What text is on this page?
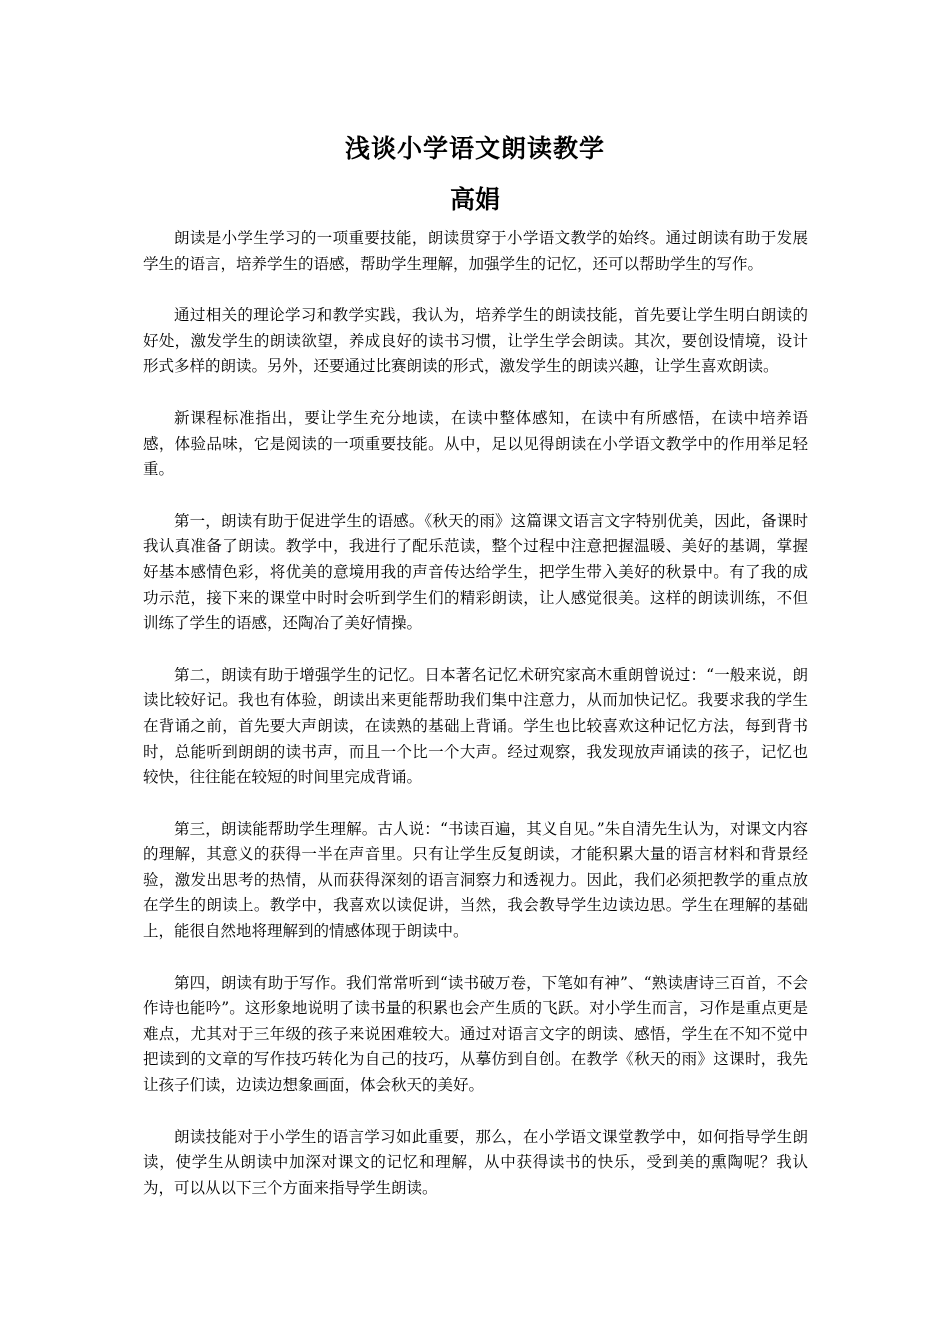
浅谈小学语文朗读教学
高娟

朗读是小学生学习的一项重要技能，朗读贯穿于小学语文教学的始终。通过朗读有助于发展学生的语言，培养学生的语感，帮助学生理解，加强学生的记忆，还可以帮助学生的写作。

通过相关的理论学习和教学实践，我认为，培养学生的朗读技能，首先要让学生明白朗读的好处，激发学生的朗读欲望，养成良好的读书习惯，让学生学会朗读。其次，要创设情境，设计形式多样的朗读。另外，还要通过比赛朗读的形式，激发学生的朗读兴趣，让学生喜欢朗读。

新课程标准指出，要让学生充分地读，在读中整体感知，在读中有所感悟，在读中培养语感，体验品味，它是阅读的一项重要技能。从中，足以见得朗读在小学语文教学中的作用举足轻重。

第一，朗读有助于促进学生的语感。《秋天的雨》这篇课文语言文字特别优美，因此，备课时我认真准备了朗读。教学中，我进行了配乐范读，整个过程中注意把握温暖、美好的基调，掌握好基本感情色彩，将优美的意境用我的声音传达给学生，把学生带入美好的秋景中。有了我的成功示范，接下来的课堂中时时会听到学生们的精彩朗读，让人感觉很美。这样的朗读训练，不但训练了学生的语感，还陶冶了美好情操。

第二，朗读有助于增强学生的记忆。日本著名记忆术研究家高木重朗曾说过：“一般来说，朗读比较好记。我也有体验，朗读出来更能帮助我们集中注意力，从而加快记忆。我要求我的学生在背诵之前，首先要大声朗读，在读熟的基础上背诵。学生也比较喜欢这种记忆方法，每到背书时，总能听到朗朗的读书声，而且一个比一个大声。经过观察，我发现放声诵读的孩子，记忆也较快，往往能在较短的时间里完成背诵。

第三，朗读能帮助学生理解。古人说：“书读百遍，其义自见。”朱自清先生认为，对课文内容的理解，其意义的获得一半在声音里。只有让学生反复朗读，才能积累大量的语言材料和背景经验，激发出思考的热情，从而获得深刻的语言洞察力和透视力。因此，我们必须把教学的重点放在学生的朗读上。教学中，我喜欢以读促讲，当然，我会教导学生边读边思。学生在理解的基础上，能很自然地将理解到的情感体现于朗读中。

第四，朗读有助于写作。我们常常听到“读书破万卷，下笔如有神”、“熟读唐诗三百首，不会作诗也能吟”。这形象地说明了读书量的积累也会产生质的飞跃。对小学生而言，习作是重点更是难点，尤其对于三年级的孩子来说困难较大。通过对语言文字的朗读、感悟，学生在不知不觉中把读到的文章的写作技巧转化为自己的技巧，从摹仿到自创。在教学《秋天的雨》这课时，我先让孩子们读，边读边想象画面，体会秋天的美好。

朗读技能对于小学生的语言学习如此重要，那么，在小学语文课堂教学中，如何指导学生朗读，使学生从朗读中加深对课文的记忆和理解，从中获得读书的快乐，受到美的熏陶呢？我认为，可以从以下三个方面来指导学生朗读。
